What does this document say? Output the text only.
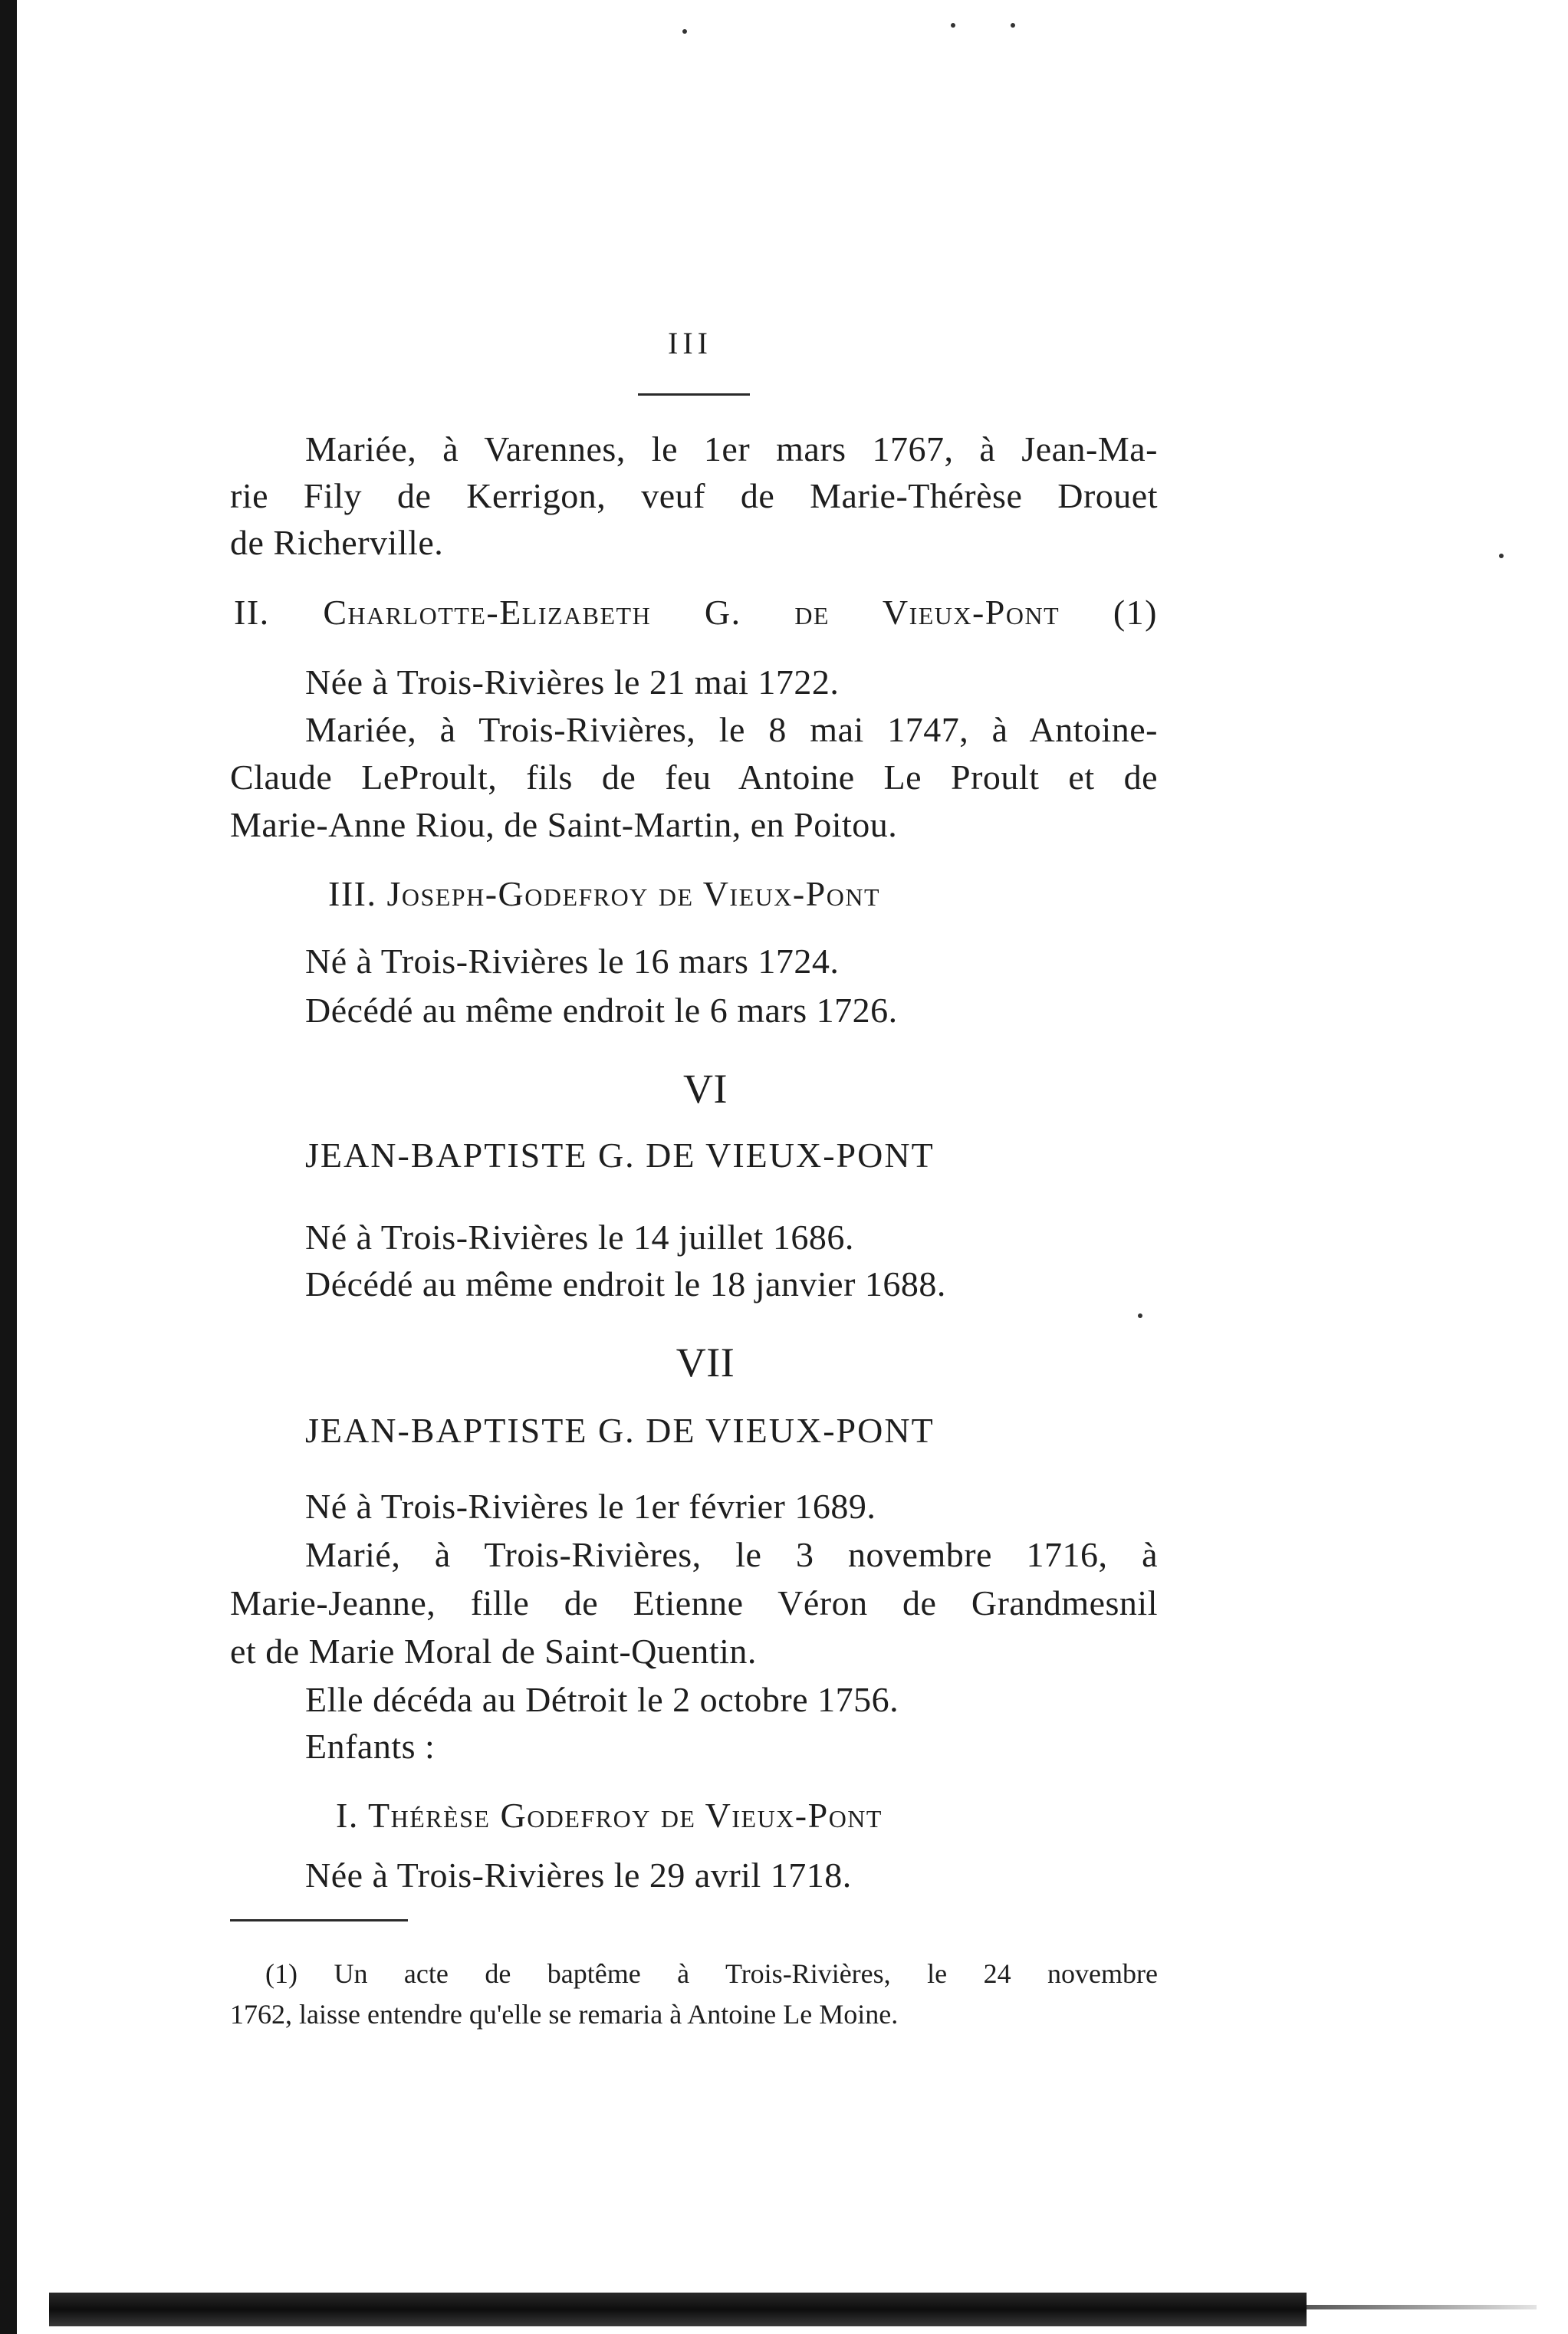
III

Mariée, à Varennes, le 1er mars 1767, à Jean-Ma-

rie Fily de Kerrigon, veuf de Marie-Thérèse Drouet

de Richerville.

II. Charlotte-Elizabeth G. de Vieux-Pont (1)

Née à Trois-Rivières le 21 mai 1722.

Mariée, à Trois-Rivières, le 8 mai 1747, à Antoine-

Claude LeProult, fils de feu Antoine Le Proult et de

Marie-Anne Riou, de Saint-Martin, en Poitou.

III. Joseph-Godefroy de Vieux-Pont

Né à Trois-Rivières le 16 mars 1724.

Décédé au même endroit le 6 mars 1726.

VI

JEAN-BAPTISTE G. DE VIEUX-PONT

Né à Trois-Rivières le 14 juillet 1686.

Décédé au même endroit le 18 janvier 1688.

VII

JEAN-BAPTISTE G. DE VIEUX-PONT

Né à Trois-Rivières le 1er février 1689.

Marié, à Trois-Rivières, le 3 novembre 1716, à

Marie-Jeanne, fille de Etienne Véron de Grandmesnil

et de Marie Moral de Saint-Quentin.

Elle décéda au Détroit le 2 octobre 1756.

Enfants :

I. Thérèse Godefroy de Vieux-Pont

Née à Trois-Rivières le 29 avril 1718.

(1) Un acte de baptême à Trois-Rivières, le 24 novembre

1762, laisse entendre qu'elle se remaria à Antoine Le Moine.
